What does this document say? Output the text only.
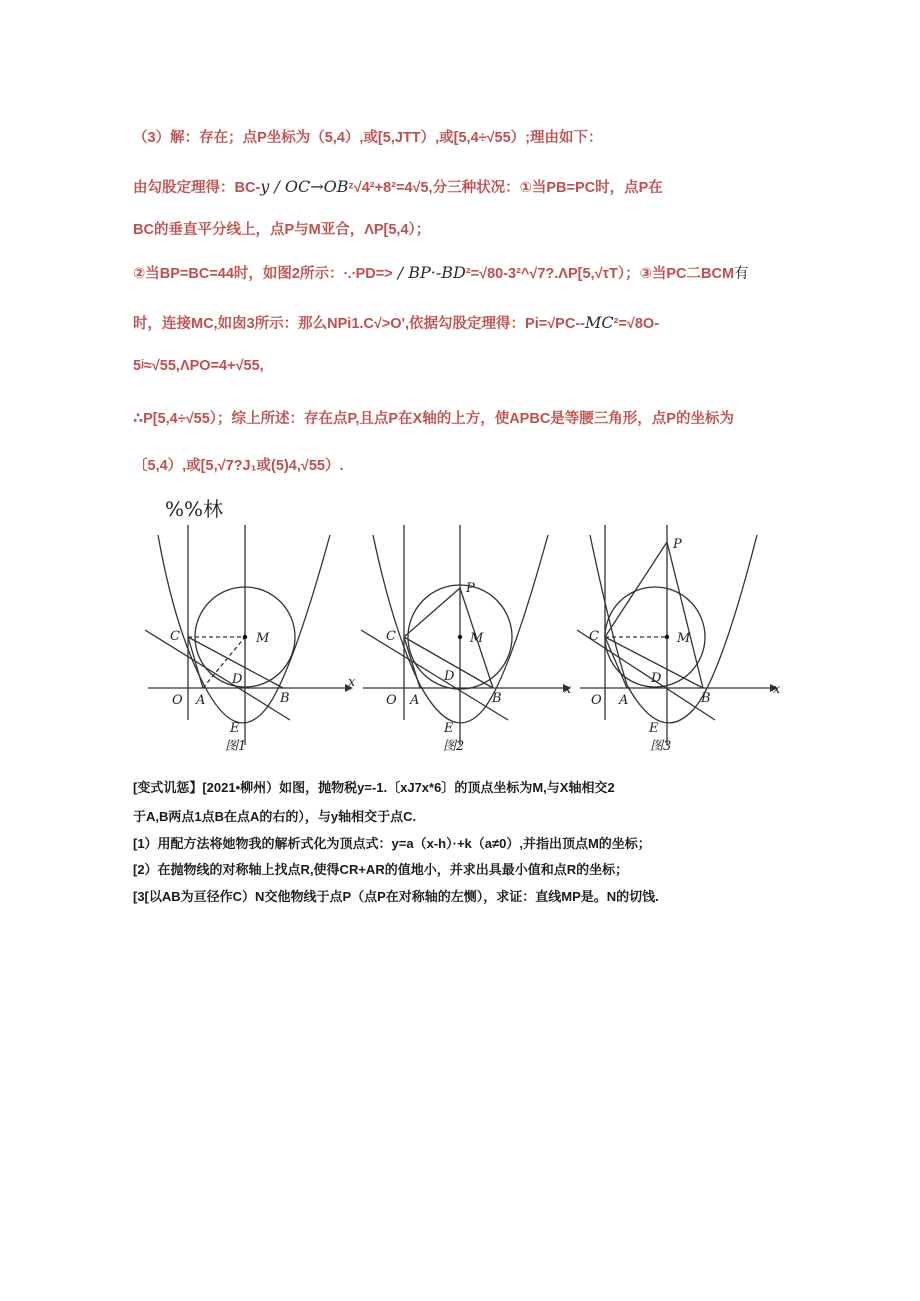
（3）解：存在；点P坐标为（5,4）,或[5,JTT）,或[5,4÷√55）;理由如下：
由勾股定理得：BC-y / OC→OBᶻ√4²+8²=4√5,分三种状况：①当PB=PC时，点P在
BC的垂直平分线上，点P与M亚合，ΛP[5,4）；
②当BP=BC=44时，如图2所示：∙.∙PD=> / BP·-BD²=√80-3²^√7?.ΛP[5,√τT）；③当PC二BCM有
时，连接MC,如囱3所示：那么NPi1.C√>O',依据勾股定理得：Pi=√PC--MC²=√8O-
5ʲ≈√55,ΛPO=4+√55,
∴P[5,4÷√55）；综上所述：存在点P,且点P在X轴的上方，使APBC是等腰三角形，点P的坐标为
〔5,4）,或[5,√7?J₁或(5)4,√55）.
%%林
C	M
D
O A	B
E
x
图1
P
C	M
D
O A	B
E
x
图2
P
C	M
D
O A	B
E
x
图3
[变式讥惩】[2021•柳州）如图，抛物税y=-1.〔xJ7x*6〕的顶点坐标为M,与X轴相交2
于A,B两点1点B在点A的右的），与y轴相交于点C.
[1）用配方法将她物我的解析式化为顶点式：y=a（x-h）·+k（a≠0）,并指出顶点M的坐标；
[2）在抛物线的对称轴上找点R,使得CR+AR的值地小，并求出具最小值和点R的坐标；
[3[以AB为亘径作C）N交他物线于点P（点P在对称轴的左恻），求证：直线MP是。N的切饯.
